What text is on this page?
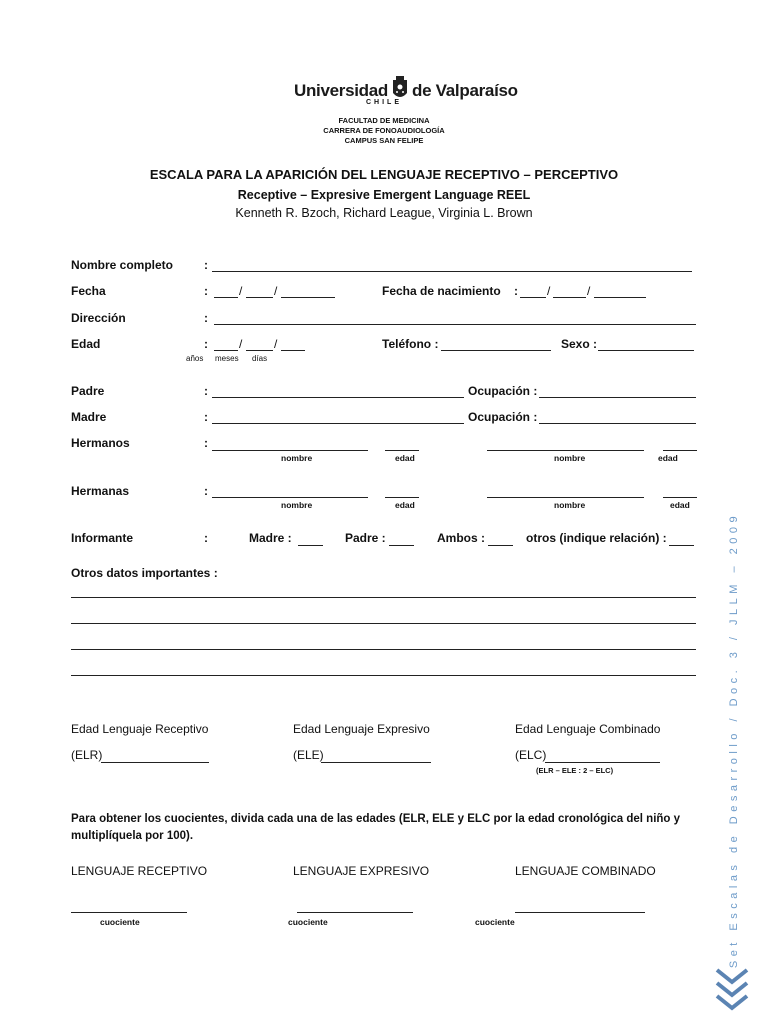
Universidad de Valparaíso
CHILE
FACULTAD DE MEDICINA
CARRERA DE FONOAUDIOLOGÍA
CAMPUS SAN FELIPE
ESCALA PARA LA APARICIÓN DEL LENGUAJE RECEPTIVO – PERCEPTIVO
Receptive – Expresive Emergent Language REEL
Kenneth R. Bzoch, Richard League, Virginia L. Brown
Nombre completo	:
Fecha	:	/	/	Fecha de nacimiento : /	/
Dirección	:
Edad	:	/	/
años meses días
Teléfono :	Sexo :
Padre	:	Ocupación :
Madre	:	Ocupación :
Hermanos	:
nombre	edad	nombre	edad
Hermanas	:
nombre	edad	nombre	edad
Informante	:	Madre :	Padre :	Ambos :	otros (indique relación) :
Otros datos importantes :
Edad Lenguaje Receptivo	Edad Lenguaje Expresivo	Edad Lenguaje Combinado
(ELR)	(ELE)	(ELC)
(ELR – ELE : 2 – ELC)
Para obtener los cuocientes, divida cada una de las edades (ELR, ELE y ELC por la edad cronológica del niño y
multiplíquela por 100).
LENGUAJE RECEPTIVO	LENGUAJE EXPRESIVO	LENGUAJE COMBINADO
cuociente	cuociente	cuociente	Set Escalas de Desarrollo / Doc. 3 / JLLM – 2009
